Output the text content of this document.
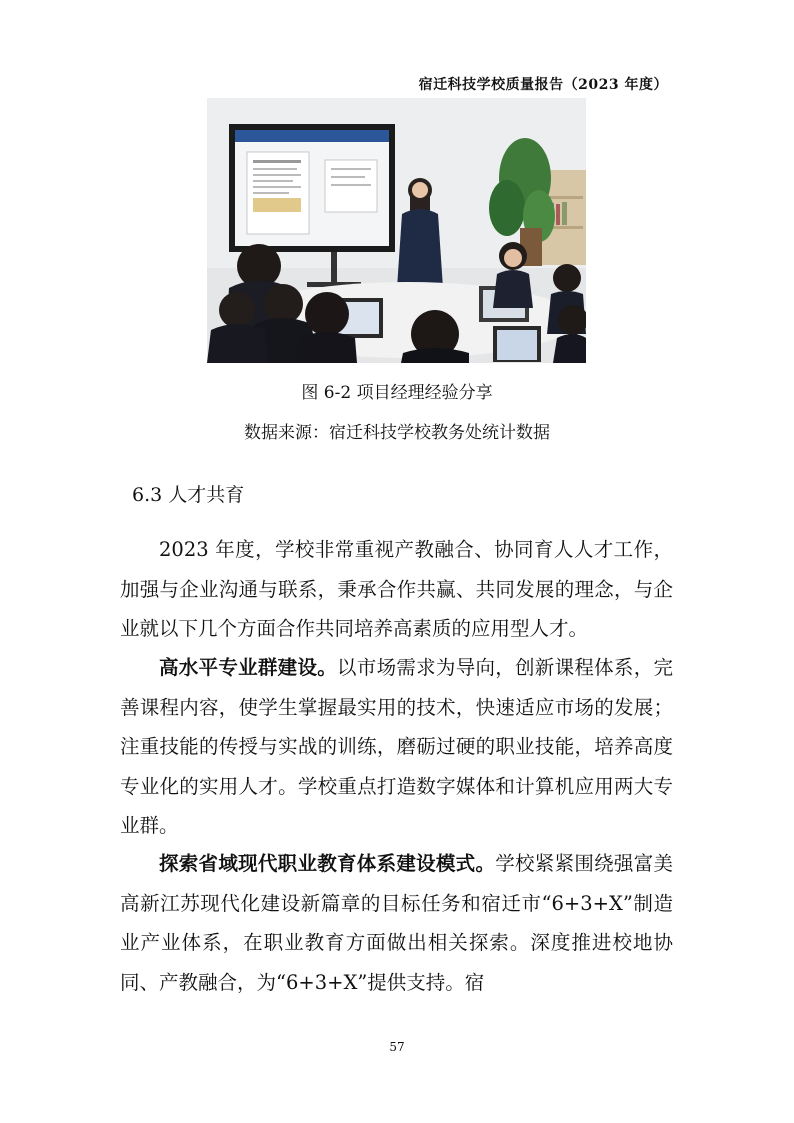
宿迁科技学校质量报告（2023 年度）
图 6-2 项目经理经验分享
数据来源：宿迁科技学校教务处统计数据
6.3 人才共育

2023 年度，学校非常重视产教融合、协同育人人才工作，加强与企业沟通与联系，秉承合作共赢、共同发展的理念，与企业就以下几个方面合作共同培养高素质的应用型人才。

高水平专业群建设。以市场需求为导向，创新课程体系，完善课程内容，使学生掌握最实用的技术，快速适应市场的发展；注重技能的传授与实战的训练，磨砺过硬的职业技能，培养高度专业化的实用人才。学校重点打造数字媒体和计算机应用两大专业群。

探索省域现代职业教育体系建设模式。学校紧紧围绕强富美高新江苏现代化建设新篇章的目标任务和宿迁市“6+3+X”制造业产业体系，在职业教育方面做出相关探索。深度推进校地协同、产教融合，为“6+3+X”提供支持。宿

57
